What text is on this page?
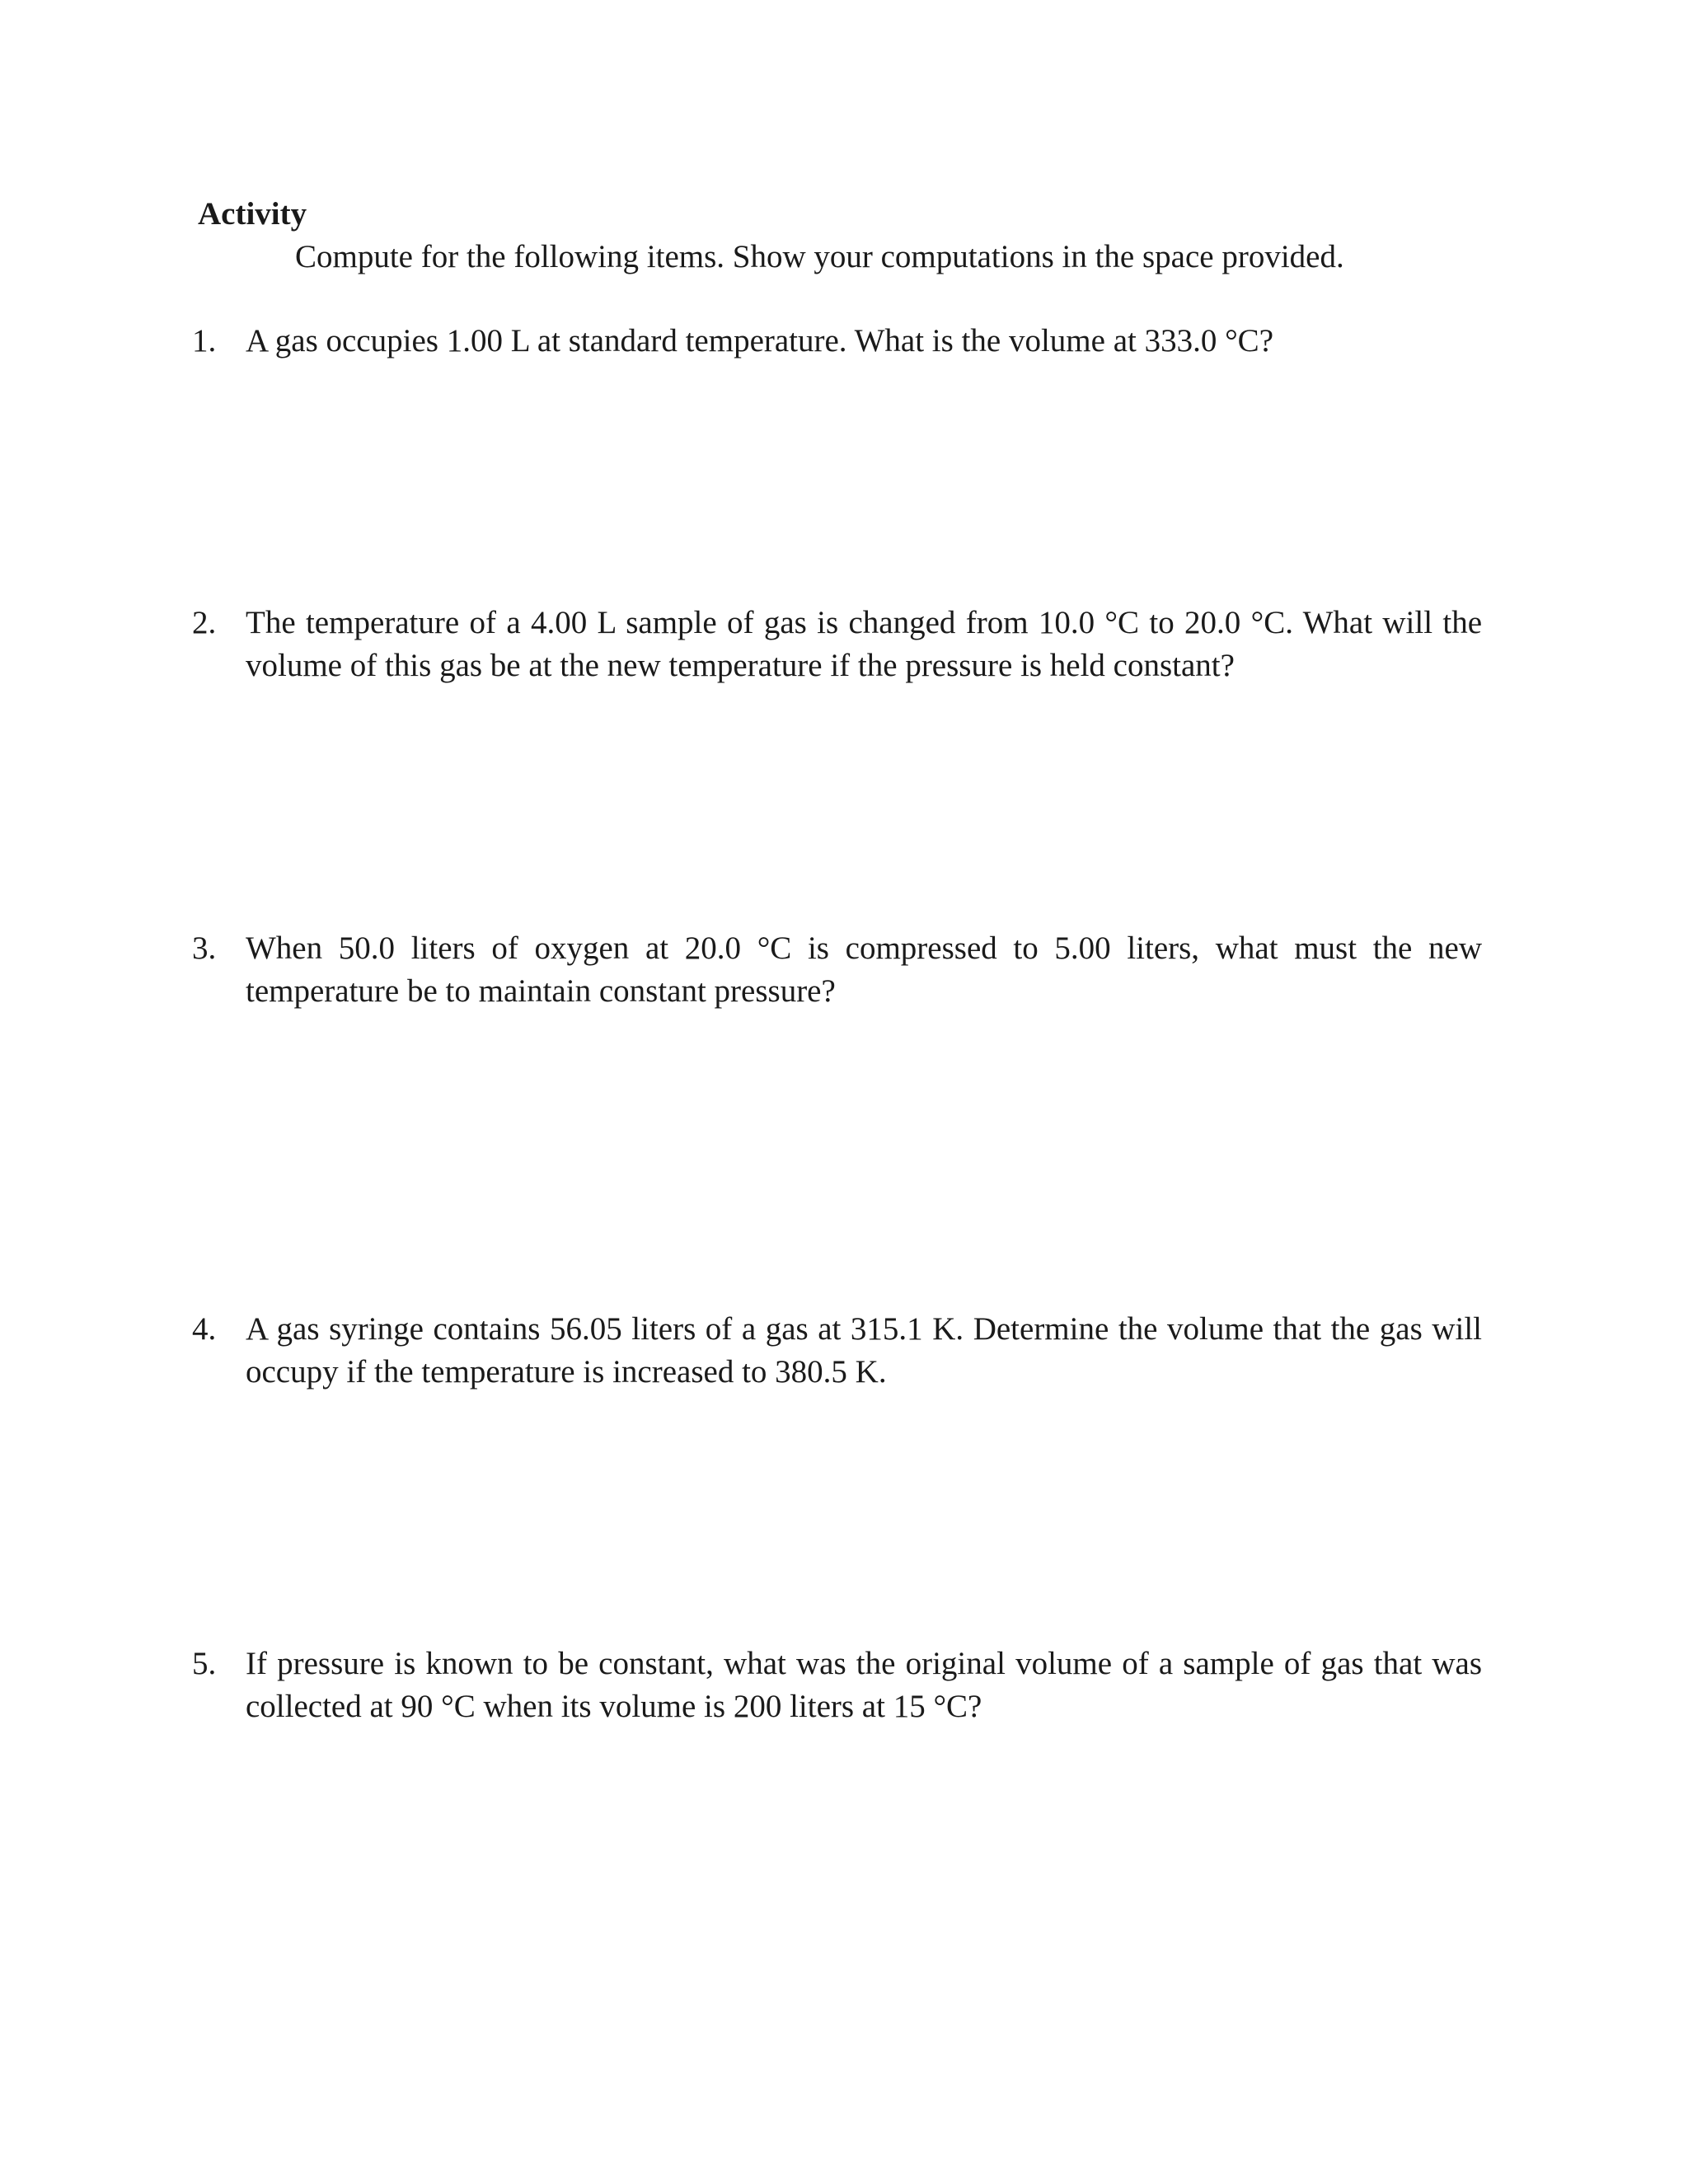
Activity

Compute for the following items. Show your computations in the space provided.

1. A gas occupies 1.00 L at standard temperature. What is the volume at 333.0 °C?
2. The temperature of a 4.00 L sample of gas is changed from 10.0 °C to 20.0 °C. What will the volume of this gas be at the new temperature if the pressure is held constant?
3. When 50.0 liters of oxygen at 20.0 °C is compressed to 5.00 liters, what must the new temperature be to maintain constant pressure?
4. A gas syringe contains 56.05 liters of a gas at 315.1 K. Determine the volume that the gas will occupy if the temperature is increased to 380.5 K.
5. If pressure is known to be constant, what was the original volume of a sample of gas that was collected at 90 °C when its volume is 200 liters at 15 °C?
